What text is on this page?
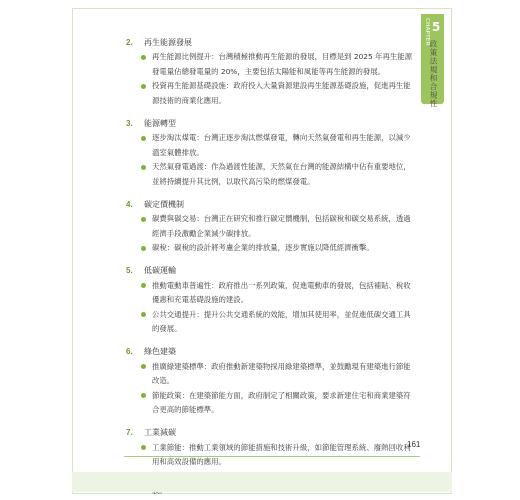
CHAPTER 5
政策法規和合規性
2.	再生能源發展

再生能源比例提升：台灣積極推動再生能源的發展，目標是到 2025 年再生能源發電量佔總發電量的 20%，主要包括太陽能和風能等再生能源的發展。

投資再生能源基礎設施：政府投入大量資源建設再生能源基礎設施，促進再生能源技術的商業化應用。

3.	能源轉型

逐步淘汰煤電：台灣正逐步淘汰燃煤發電，轉向天然氣發電和再生能源，以減少溫室氣體排放。

天然氣發電過渡：作為過渡性能源，天然氣在台灣的能源結構中佔有重要地位，並將持續提升其比例，以取代高污染的燃煤發電。

4.	碳定價機制

碳費與碳交易：台灣正在研究和推行碳定價機制，包括碳稅和碳交易系統，透過經濟手段激勵企業減少碳排放。

碳稅：碳稅的設計將考慮企業的排放量，逐步實施以降低經濟衝擊。

5.	低碳運輸

推動電動車普遍性：政府推出一系列政策，促進電動車的發展，包括補貼、稅收優惠和充電基礎設施的建設。

公共交通提升：提升公共交通系統的效能，增加其使用率，並促進低碳交通工具的發展。

6.	綠色建築

推廣綠建築標準：政府推動新建築物採用綠建築標準，並鼓勵現有建築進行節能改造。

節能政策：在建築節能方面，政府制定了相關政策，要求新建住宅和商業建築符合更高的節能標準。

7.	工業減碳

工業節能：推動工業領域的節能措施和技術升級，如節能管理系統、廢熱回收利用和高效設備的應用。

161
